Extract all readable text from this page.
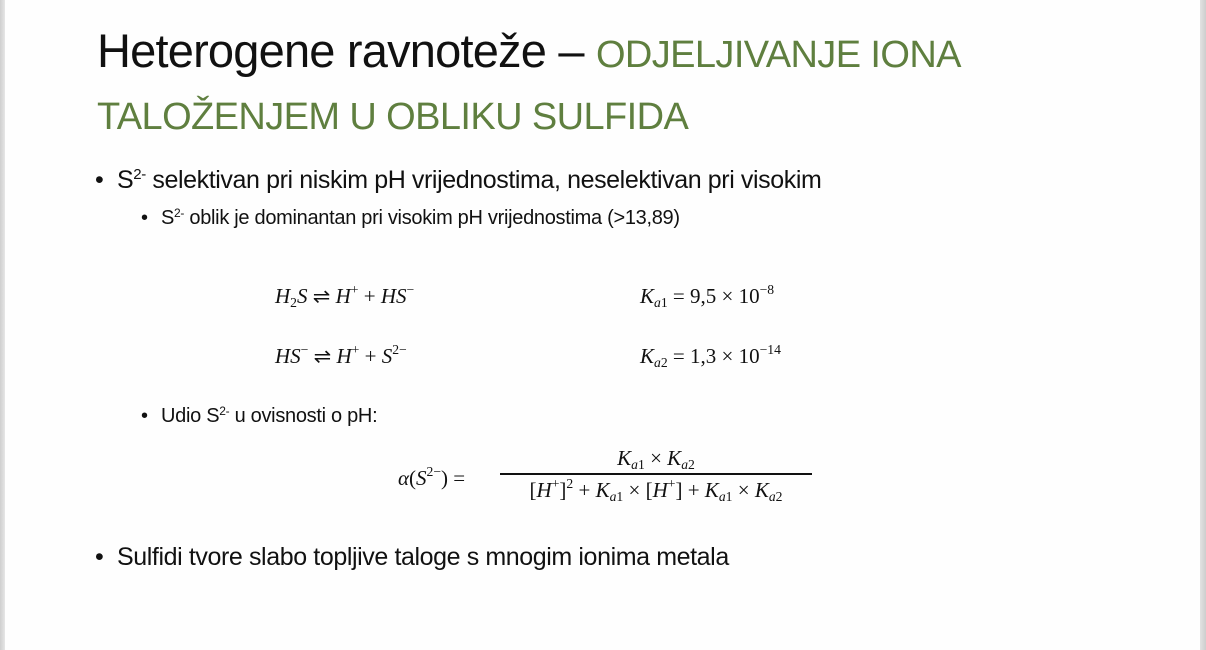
Heterogene ravnoteže – ODJELJIVANJE IONA
TALOŽENJEM U OBLIKU SULFIDA
• $S^{2-}$ selektivan pri niskim pH vrijednostima, neselektivan pri visokim
• $S^{2-}$ oblik je dominantan pri visokim pH vrijednostima (>13,89)
$H_2S$ ⇌ H+ + HS−	$K_{a1} = 9,5 \times 10^{-8}$
HS− ⇌ $H^+ + S^{2-}$	$K_{a2} = 1,3 \times 10^{-14}$
• Udio $S^{2-}$ u ovisnosti o pH:
$\alpha(S^{2-})$ =
$K_{a1} \times K_{a2}$
$[H^+]^2 + K_{a1} \times [H^+] + K_{a1} \times K_{a2}$
• Sulfidi tvore slabo topljive taloge s mnogim ionima metala
